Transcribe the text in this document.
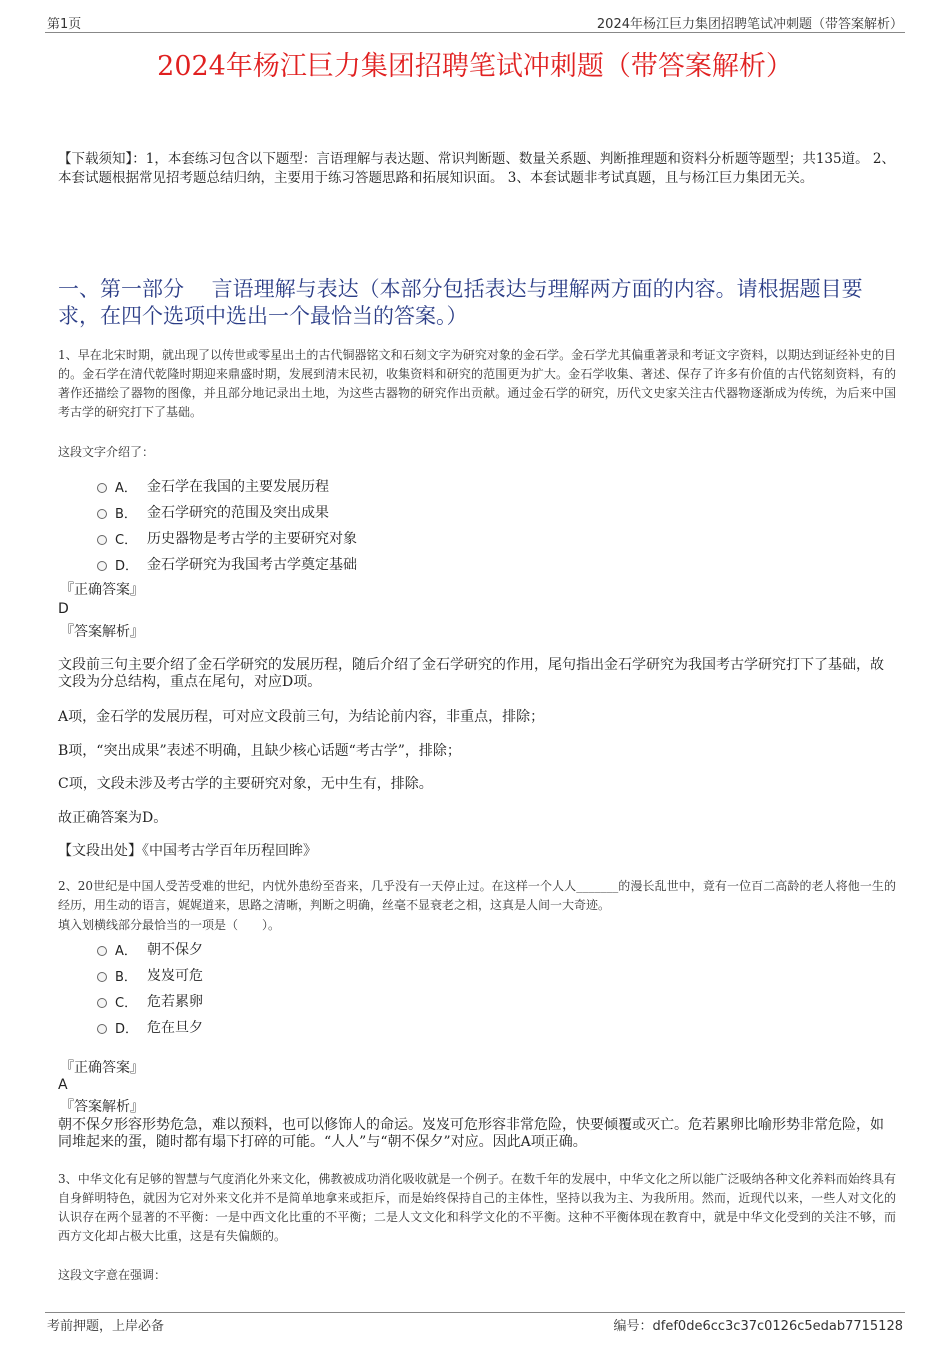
第1页	2024年杨江巨力集团招聘笔试冲刺题（带答案解析）
2024年杨江巨力集团招聘笔试冲刺题（带答案解析）
【下载须知】：1，本套练习包含以下题型：言语理解与表达题、常识判断题、数量关系题、判断推理题和资料分析题等题型；共135道。 2、本套试题根据常见招考题总结归纳，主要用于练习答题思路和拓展知识面。 3、本套试题非考试真题，且与杨江巨力集团无关。
一、第一部分　 言语理解与表达（本部分包括表达与理解两方面的内容。请根据题目要求，在四个选项中选出一个最恰当的答案。）
1、早在北宋时期，就出现了以传世或零星出土的古代铜器铭文和石刻文字为研究对象的金石学。金石学尤其偏重著录和考证文字资料，以期达到证经补史的目的。金石学在清代乾隆时期迎来鼎盛时期，发展到清末民初，收集资料和研究的范围更为扩大。金石学收集、著述、保存了许多有价值的古代铭刻资料，有的著作还描绘了器物的图像，并且部分地记录出土地，为这些古器物的研究作出贡献。通过金石学的研究，历代文史家关注古代器物逐渐成为传统，为后来中国考古学的研究打下了基础。
这段文字介绍了：
A． 金石学在我国的主要发展历程
B． 金石学研究的范围及突出成果
C． 历史器物是考古学的主要研究对象
D． 金石学研究为我国考古学奠定基础
『正确答案』
D
『答案解析』
文段前三句主要介绍了金石学研究的发展历程，随后介绍了金石学研究的作用，尾句指出金石学研究为我国考古学研究打下了基础，故文段为分总结构，重点在尾句，对应D项。
A项，金石学的发展历程，可对应文段前三句，为结论前内容，非重点，排除；
B项，“突出成果”表述不明确，且缺少核心话题“考古学”，排除；
C项，文段未涉及考古学的主要研究对象，无中生有，排除。
故正确答案为D。
【文段出处】《中国考古学百年历程回眸》
2、20世纪是中国人受苦受难的世纪，内忧外患纷至沓来，几乎没有一天停止过。在这样一个人人_______的漫长乱世中，竟有一位百二高龄的老人将他一生的经历，用生动的语言，娓娓道来，思路之清晰，判断之明确，丝毫不显衰老之相，这真是人间一大奇迹。
填入划横线部分最恰当的一项是（　　）。
A． 朝不保夕
B． 岌岌可危
C． 危若累卵
D． 危在旦夕
『正确答案』
A
『答案解析』
朝不保夕形容形势危急，难以预料，也可以修饰人的命运。岌岌可危形容非常危险，快要倾覆或灭亡。危若累卵比喻形势非常危险，如同堆起来的蛋，随时都有塌下打碎的可能。“人人”与“朝不保夕”对应。因此A项正确。
3、中华文化有足够的智慧与气度消化外来文化，佛教被成功消化吸收就是一个例子。在数千年的发展中，中华文化之所以能广泛吸纳各种文化养料而始终具有自身鲜明特色，就因为它对外来文化并不是简单地拿来或拒斥，而是始终保持自己的主体性，坚持以我为主、为我所用。然而，近现代以来，一些人对文化的认识存在两个显著的不平衡：一是中西文化比重的不平衡；二是人文文化和科学文化的不平衡。这种不平衡体现在教育中，就是中华文化受到的关注不够，而西方文化却占极大比重，这是有失偏颇的。
这段文字意在强调：
考前押题，上岸必备	编号：dfef0de6cc3c37c0126c5edab7715128
